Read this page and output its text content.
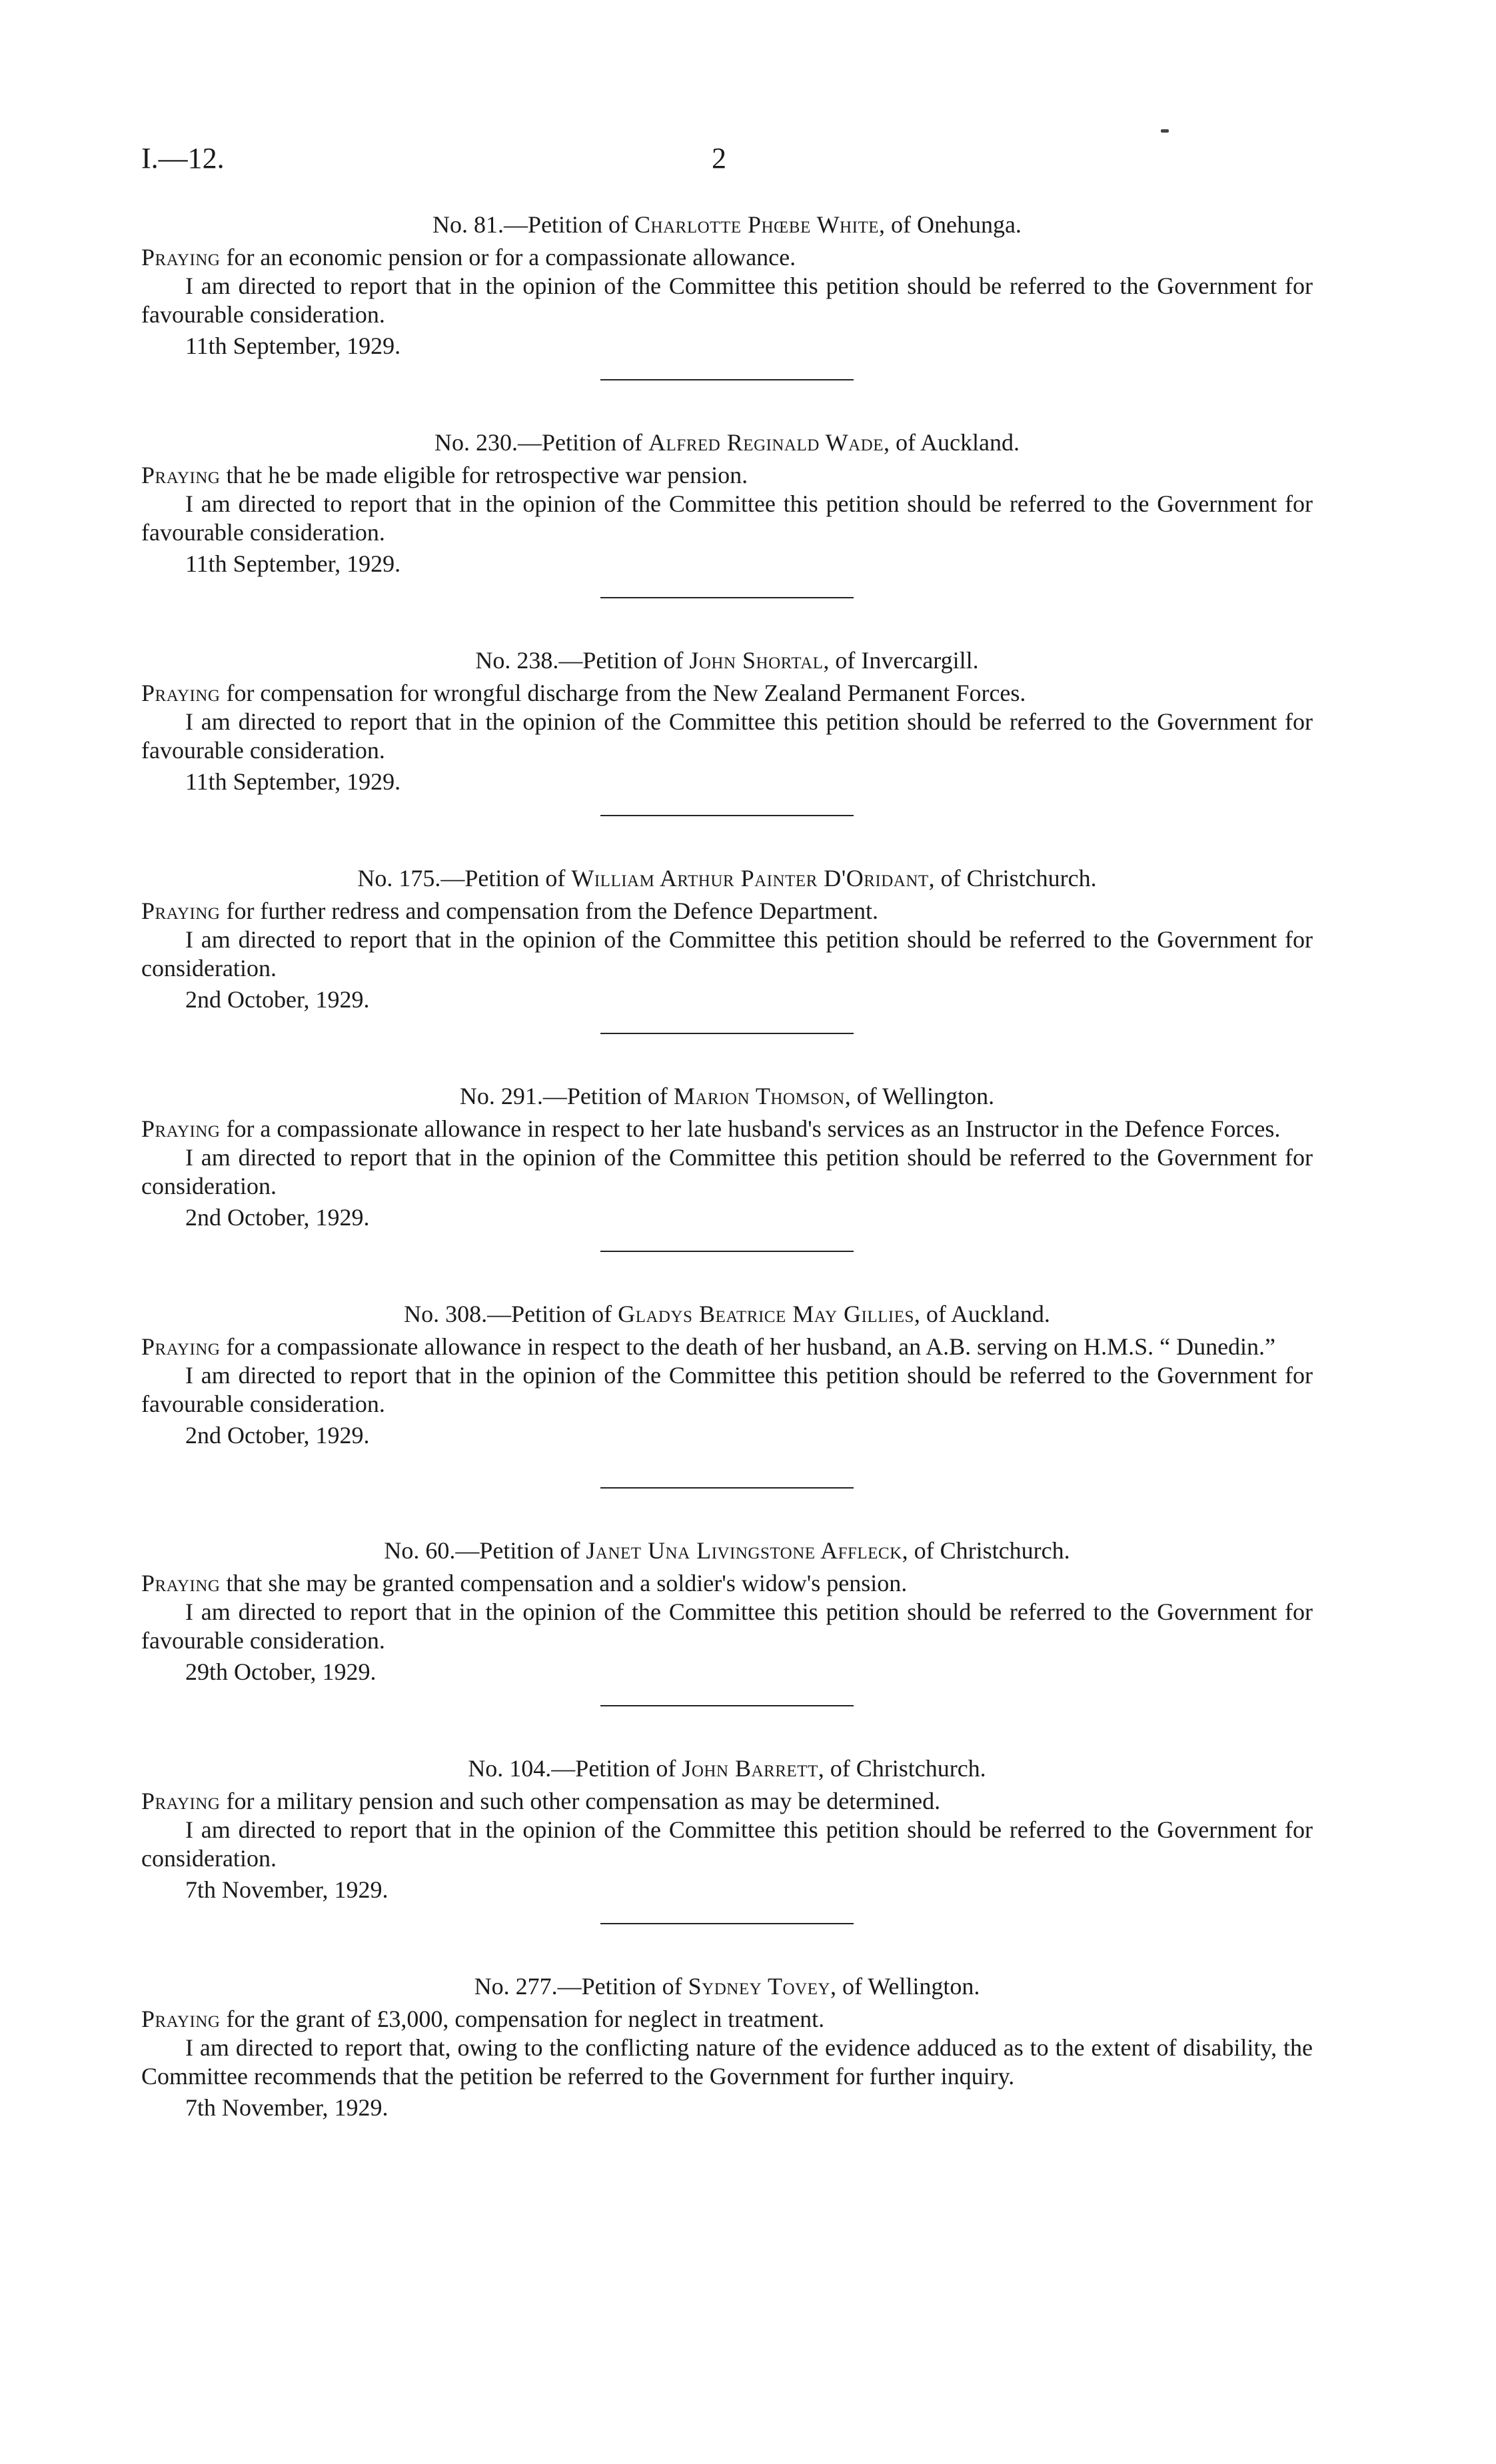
I.—12.	2
No. 81.—Petition of Charlotte Phœbe White, of Onehunga.

Praying for an economic pension or for a compassionate allowance.

I am directed to report that in the opinion of the Committee this petition should be referred to the Government for favourable consideration.

11th September, 1929.
No. 230.—Petition of Alfred Reginald Wade, of Auckland.

Praying that he be made eligible for retrospective war pension.

I am directed to report that in the opinion of the Committee this petition should be referred to the Government for favourable consideration.

11th September, 1929.
No. 238.—Petition of John Shortal, of Invercargill.

Praying for compensation for wrongful discharge from the New Zealand Permanent Forces.

I am directed to report that in the opinion of the Committee this petition should be referred to the Government for favourable consideration.

11th September, 1929.
No. 175.—Petition of William Arthur Painter D'Oridant, of Christchurch.

Praying for further redress and compensation from the Defence Department.

I am directed to report that in the opinion of the Committee this petition should be referred to the Government for consideration.

2nd October, 1929.
No. 291.—Petition of Marion Thomson, of Wellington.

Praying for a compassionate allowance in respect to her late husband's services as an Instructor in the Defence Forces.

I am directed to report that in the opinion of the Committee this petition should be referred to the Government for consideration.

2nd October, 1929.
No. 308.—Petition of Gladys Beatrice May Gillies, of Auckland.

Praying for a compassionate allowance in respect to the death of her husband, an A.B. serving on H.M.S. “ Dunedin.”

I am directed to report that in the opinion of the Committee this petition should be referred to the Government for favourable consideration.

2nd October, 1929.
No. 60.—Petition of Janet Una Livingstone Affleck, of Christchurch.

Praying that she may be granted compensation and a soldier's widow's pension.

I am directed to report that in the opinion of the Committee this petition should be referred to the Government for favourable consideration.

29th October, 1929.
No. 104.—Petition of John Barrett, of Christchurch.

Praying for a military pension and such other compensation as may be determined.

I am directed to report that in the opinion of the Committee this petition should be referred to the Government for consideration.

7th November, 1929.
No. 277.—Petition of Sydney Tovey, of Wellington.

Praying for the grant of £3,000, compensation for neglect in treatment.

I am directed to report that, owing to the conflicting nature of the evidence adduced as to the extent of disability, the Committee recommends that the petition be referred to the Government for further inquiry.

7th November, 1929.
